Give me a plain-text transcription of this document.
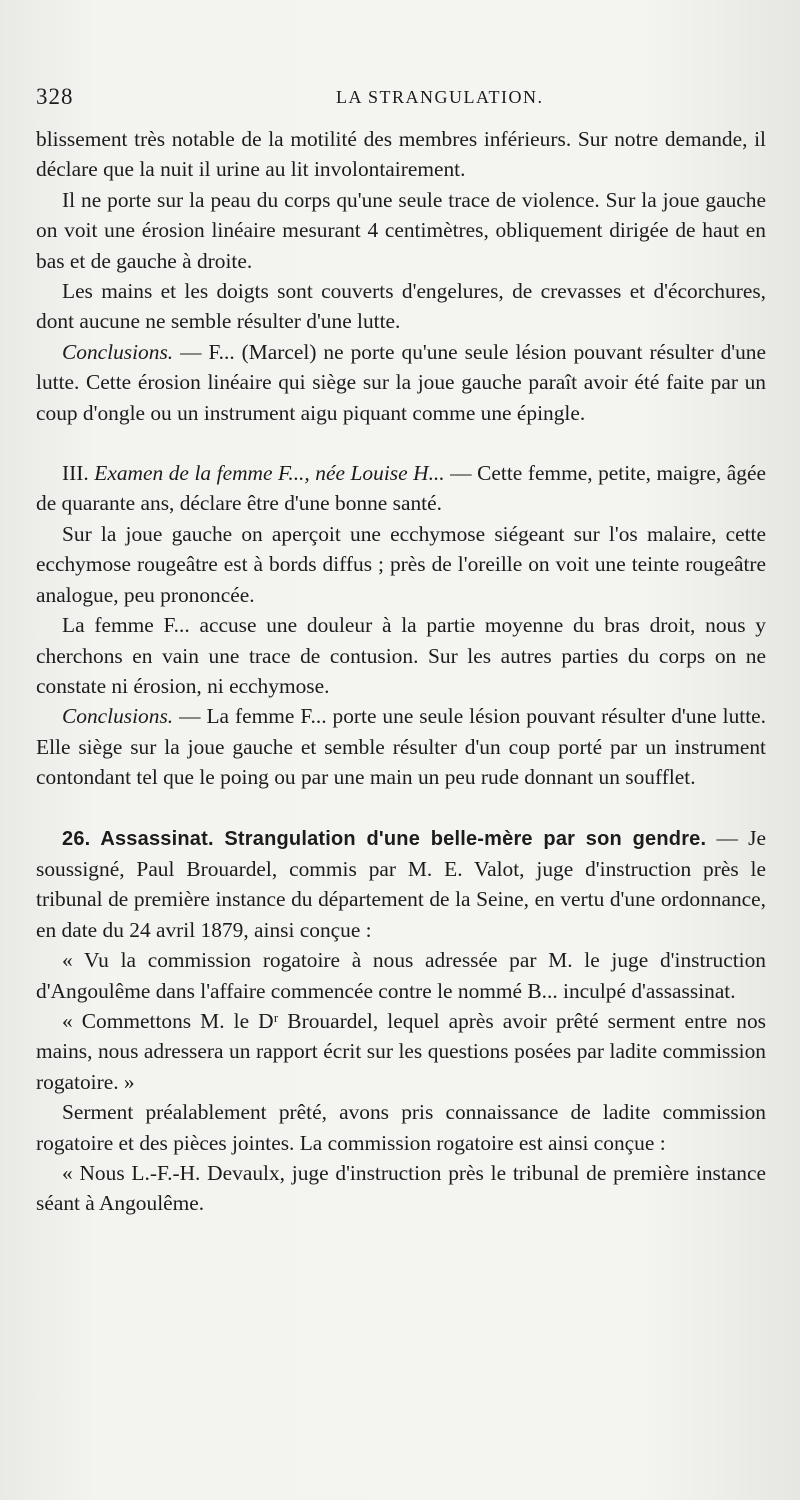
328	LA STRANGULATION.

blissement très notable de la motilité des membres inférieurs. Sur notre demande, il déclare que la nuit il urine au lit involontairement.

Il ne porte sur la peau du corps qu'une seule trace de violence. Sur la joue gauche on voit une érosion linéaire mesurant 4 centimètres, obliquement dirigée de haut en bas et de gauche à droite.

Les mains et les doigts sont couverts d'engelures, de crevasses et d'écorchures, dont aucune ne semble résulter d'une lutte.

Conclusions. — F... (Marcel) ne porte qu'une seule lésion pouvant résulter d'une lutte. Cette érosion linéaire qui siège sur la joue gauche paraît avoir été faite par un coup d'ongle ou un instrument aigu piquant comme une épingle.

III. Examen de la femme F..., née Louise H... — Cette femme, petite, maigre, âgée de quarante ans, déclare être d'une bonne santé.

Sur la joue gauche on aperçoit une ecchymose siégeant sur l'os malaire, cette ecchymose rougeâtre est à bords diffus ; près de l'oreille on voit une teinte rougeâtre analogue, peu prononcée.

La femme F... accuse une douleur à la partie moyenne du bras droit, nous y cherchons en vain une trace de contusion. Sur les autres parties du corps on ne constate ni érosion, ni ecchymose.

Conclusions. — La femme F... porte une seule lésion pouvant résulter d'une lutte. Elle siège sur la joue gauche et semble résulter d'un coup porté par un instrument contondant tel que le poing ou par une main un peu rude donnant un soufflet.

26. Assassinat. Strangulation d'une belle-mère par son gendre. — Je soussigné, Paul Brouardel, commis par M. E. Valot, juge d'instruction près le tribunal de première instance du département de la Seine, en vertu d'une ordonnance, en date du 24 avril 1879, ainsi conçue :

« Vu la commission rogatoire à nous adressée par M. le juge d'instruction d'Angoulême dans l'affaire commencée contre le nommé B... inculpé d'assassinat.

« Commettons M. le Dʳ Brouardel, lequel après avoir prêté serment entre nos mains, nous adressera un rapport écrit sur les questions posées par ladite commission rogatoire. »

Serment préalablement prêté, avons pris connaissance de ladite commission rogatoire et des pièces jointes. La commission rogatoire est ainsi conçue :

« Nous L.-F.-H. Devaulx, juge d'instruction près le tribunal de première instance séant à Angoulême.
